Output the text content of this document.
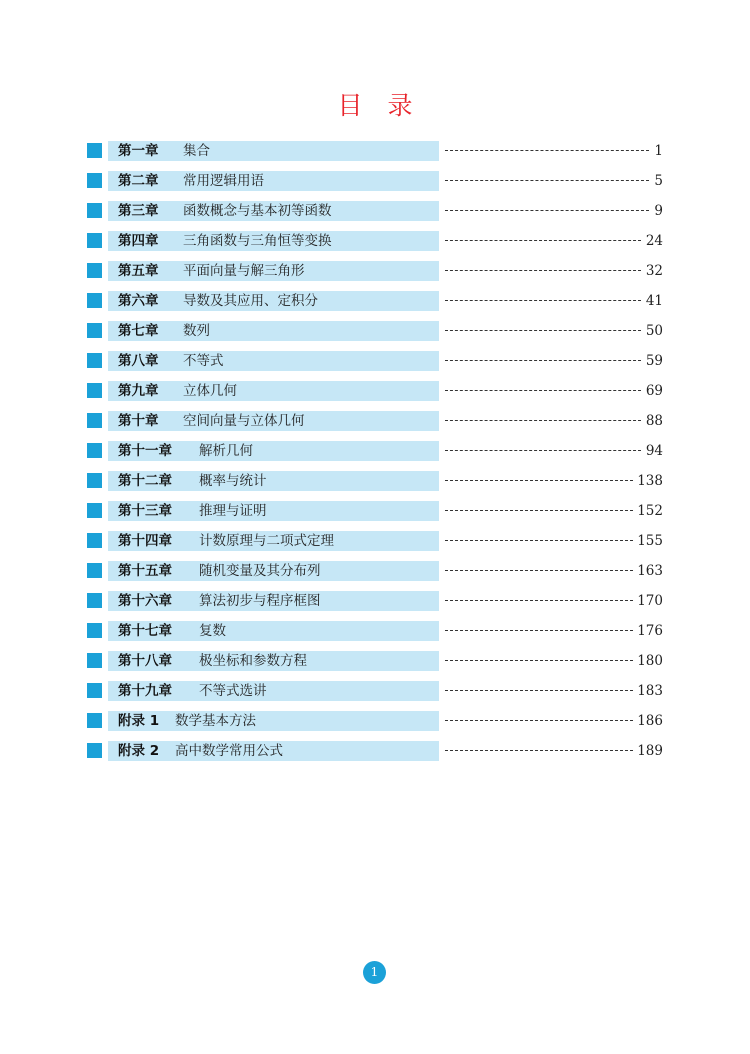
目　录
第一章 集合	1
第二章 常用逻辑用语	5
第三章 函数概念与基本初等函数	9
第四章 三角函数与三角恒等变换	24
第五章 平面向量与解三角形	32
第六章 导数及其应用、定积分	41
第七章 数列	50
第八章 不等式	59
第九章 立体几何	69
第十章 空间向量与立体几何	88
第十一章 解析几何	94
第十二章 概率与统计	138
第十三章 推理与证明	152
第十四章 计数原理与二项式定理	155
第十五章 随机变量及其分布列	163
第十六章 算法初步与程序框图	170
第十七章 复数	176
第十八章 极坐标和参数方程	180
第十九章 不等式选讲	183
附录 1 数学基本方法	186
附录 2 高中数学常用公式	189
1
